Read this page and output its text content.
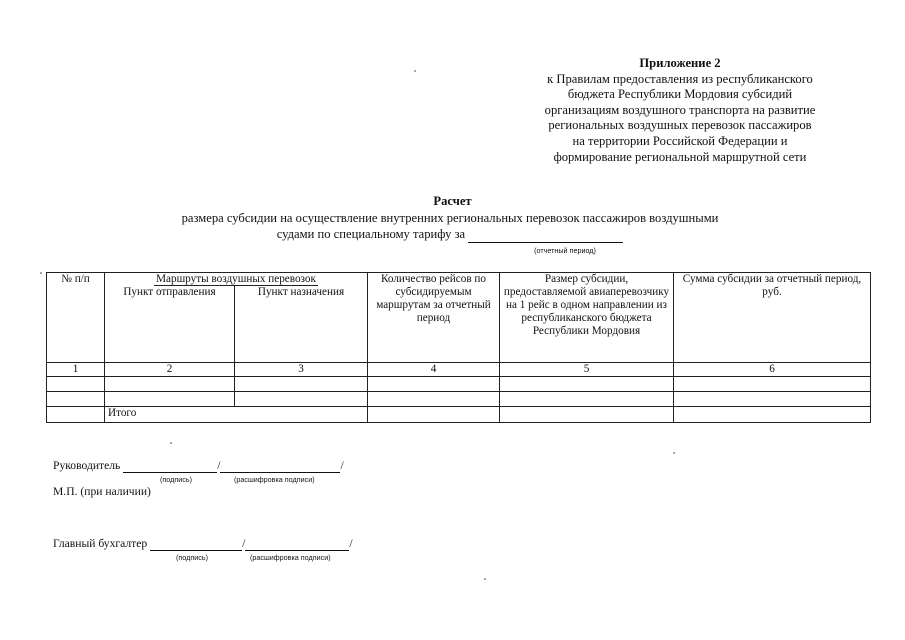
Приложение 2
к Правилам предоставления из республиканского
бюджета Республики Мордовия субсидий
организациям воздушного транспорта на развитие
региональных воздушных перевозок пассажиров
на территории Российской Федерации и
формирование региональной маршрутной сети
Расчет
размера субсидии на осуществление внутренних региональных перевозок пассажиров воздушными
судами по специальному тарифу за
(отчетный период)
№ п/п	Маршруты воздушных перевозок		Количество рейсов по субсидируемым маршрутам за отчетный период	Размер субсидии, предоставляемой авиаперевозчику на 1 рейс в одном направлении из республиканского бюджета Республики Мордовия	Сумма субсидии за отчетный период, руб.
	Пункт отправления	Пункт назначения			
1	2	3	4	5	6

	Итого				
Руководитель	/	/
(подпись)	(расшифровка подписи)
М.П. (при наличии)
Главный бухгалтер	/	/
(подпись)	(расшифровка подписи)
